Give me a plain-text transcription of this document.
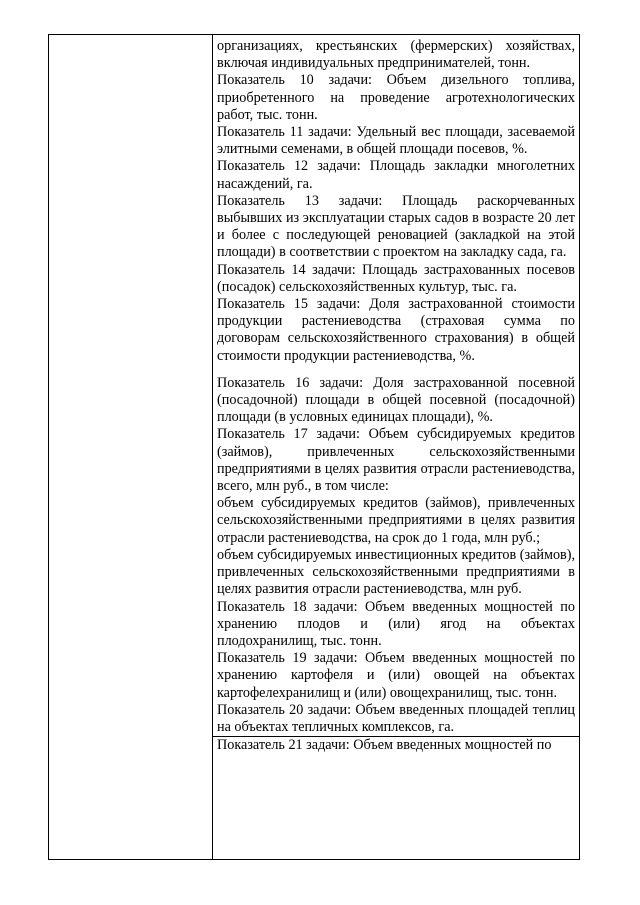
организациях, крестьянских (фермерских) хозяйствах, включая индивидуальных предпринимателей, тонн.

Показатель 10 задачи: Объем дизельного топлива, приобретенного на проведение агротехнологических работ, тыс. тонн.

Показатель 11 задачи: Удельный вес площади, засеваемой элитными семенами, в общей площади посевов, %.

Показатель 12 задачи: Площадь закладки многолетних насаждений, га.

Показатель 13 задачи: Площадь раскорчеванных выбывших из эксплуатации старых садов в возрасте 20 лет и более с последующей реновацией (закладкой на этой площади) в соответствии с проектом на закладку сада, га.

Показатель 14 задачи: Площадь застрахованных посевов (посадок) сельскохозяйственных культур, тыс. га.

Показатель 15 задачи: Доля застрахованной стоимости продукции растениеводства (страховая сумма по договорам сельскохозяйственного страхования) в общей стоимости продукции растениеводства, %.

Показатель 16 задачи: Доля застрахованной посевной (посадочной) площади в общей посевной (посадочной) площади (в условных единицах площади), %.

Показатель 17 задачи: Объем субсидируемых кредитов (займов), привлеченных сельскохозяйственными предприятиями в целях развития отрасли растениеводства, всего, млн руб., в том числе:

объем субсидируемых кредитов (займов), привлеченных сельскохозяйственными предприятиями в целях развития отрасли растениеводства, на срок до 1 года, млн руб.;

объем субсидируемых инвестиционных кредитов (займов), привлеченных сельскохозяйственными предприятиями в целях развития отрасли растениеводства, млн руб.

Показатель 18 задачи: Объем введенных мощностей по хранению плодов и (или) ягод на объектах плодохранилищ, тыс. тонн.

Показатель 19 задачи: Объем введенных мощностей по хранению картофеля и (или) овощей на объектах картофелехранилищ и (или) овощехранилищ, тыс. тонн.

Показатель 20 задачи: Объем введенных площадей теплиц на объектах тепличных комплексов, га.

Показатель 21 задачи: Объем введенных мощностей по
